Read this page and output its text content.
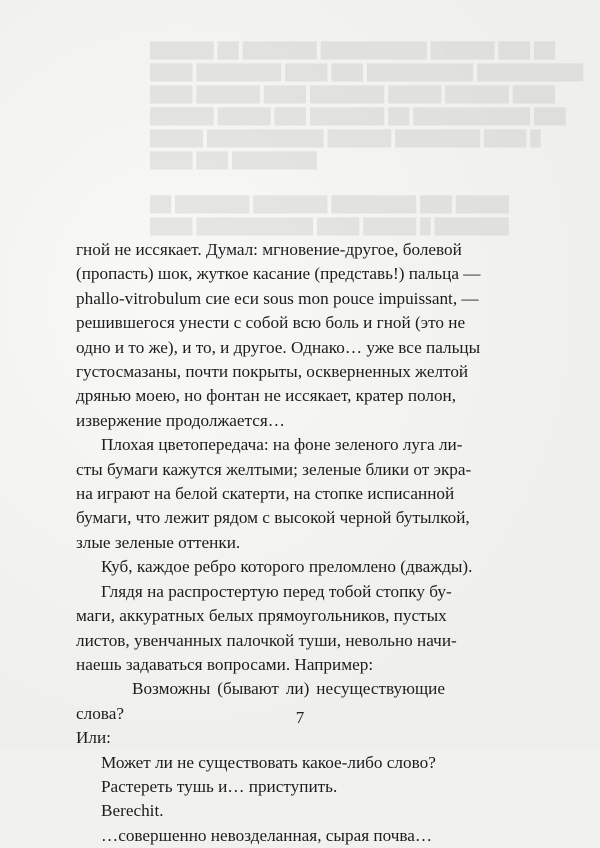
██████ ██ ███████ ██████████ ██████ ███ ██
████ ████████ ████ ███ ██████████ ██████████
████ ██████ ████ ███████ █████ ██████ ████
██████ █████ ███ ███████ ██ ███████████ ███
█████ ███████████ ██████ ████████ ████ █
████ ███ ████████

██ ███████ ███████ ████████ ███ █████
████ ███████████ ████ █████ █ ███████
гной не иссякает. Думал: мгновение-другое, болевой
(пропасть) шок, жуткое касание (представь!) пальца —
phallo-vitrobulum сие еси sous mon pouce impuissant, —
решившегося унести с собой всю боль и гной (это не
одно и то же), и то, и другое. Однако… уже все пальцы
густосмазаны, почти покрыты, оскверненных желтой
дрянью моею, но фонтан не иссякает, кратер полон,
извержение продолжается…
Плохая цветопередача: на фоне зеленого луга ли-
сты бумаги кажутся желтыми; зеленые блики от экра-
на играют на белой скатерти, на стопке исписанной
бумаги, что лежит рядом с высокой черной бутылкой,
злые зеленые оттенки.
Куб, каждое ребро которого преломлено (дважды).
Глядя на распростертую перед тобой стопку бу-
маги, аккуратных белых прямоугольников, пустых
листов, увенчанных палочкой туши, невольно начи-
наешь задаваться вопросами. Например:
Возможны (бывают ли) несуществующие
слова?
Или:
Может ли не существовать какое-либо слово?
Растереть тушь и… приступить.
Berechit.
…совершенно невозделанная, сырая почва…
7
